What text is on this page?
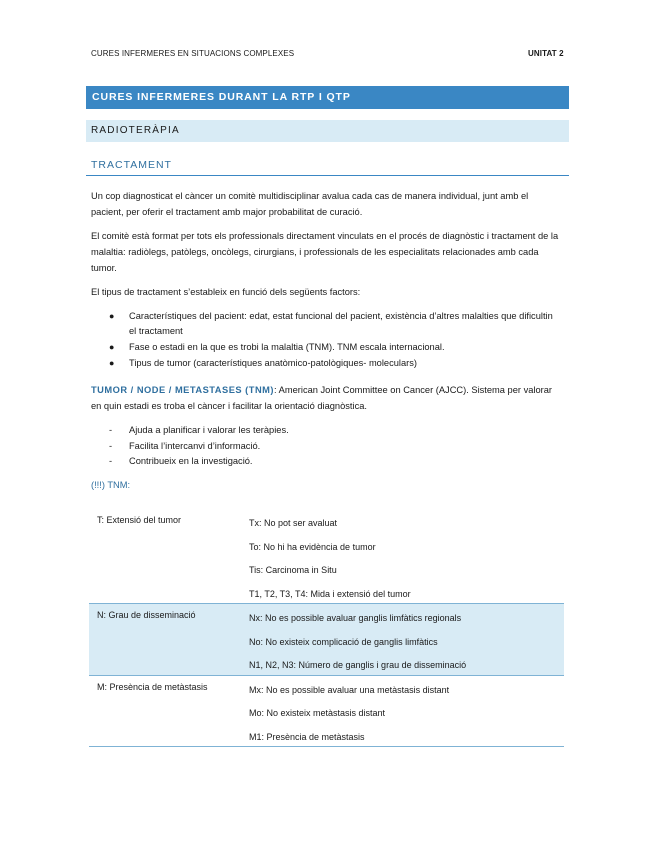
CURES INFERMERES EN SITUACIONS COMPLEXES	UNITAT 2
CURES INFERMERES DURANT LA RTP I QTP
RADIOTERÀPIA
TRACTAMENT
Un cop diagnosticat el càncer un comitè multidisciplinar avalua cada cas de manera individual, junt amb el pacient, per oferir el tractament amb major probabilitat de curació.
El comitè està format per tots els professionals directament vinculats en el procés de diagnòstic i tractament de la malaltia: radiòlegs, patòlegs, oncòlegs, cirurgians, i professionals de les especialitats relacionades amb cada tumor.
El tipus de tractament s’estableix en funció dels següents factors:
● Característiques del pacient: edat, estat funcional del pacient, existència d’altres malalties que dificultin el tractament
● Fase o estadi en la que es trobi la malaltia (TNM). TNM escala internacional.
● Tipus de tumor (característiques anatòmico-patològiques- moleculars)
TUMOR / NODE / METASTASES (TNM): American Joint Committee on Cancer (AJCC). Sistema per valorar en quin estadi es troba el càncer i facilitar la orientació diagnòstica.
- Ajuda a planificar i valorar les teràpies.
- Facilita l’intercanvi d’informació.
- Contribueix en la investigació.
(!!!) TNM:
T: Extensió del tumor	Tx: No pot ser avaluat
To: No hi ha evidència de tumor
Tis: Carcinoma in Situ
T1, T2, T3, T4: Mida i extensió del tumor

N: Grau de disseminació	Nx: No es possible avaluar ganglis limfàtics regionals
No: No existeix complicació de ganglis limfàtics
N1, N2, N3: Número de ganglis i grau de disseminació

M: Presència de metàstasis	Mx: No es possible avaluar una metàstasis distant
Mo: No existeix metàstasis distant
M1: Presència de metàstasis
